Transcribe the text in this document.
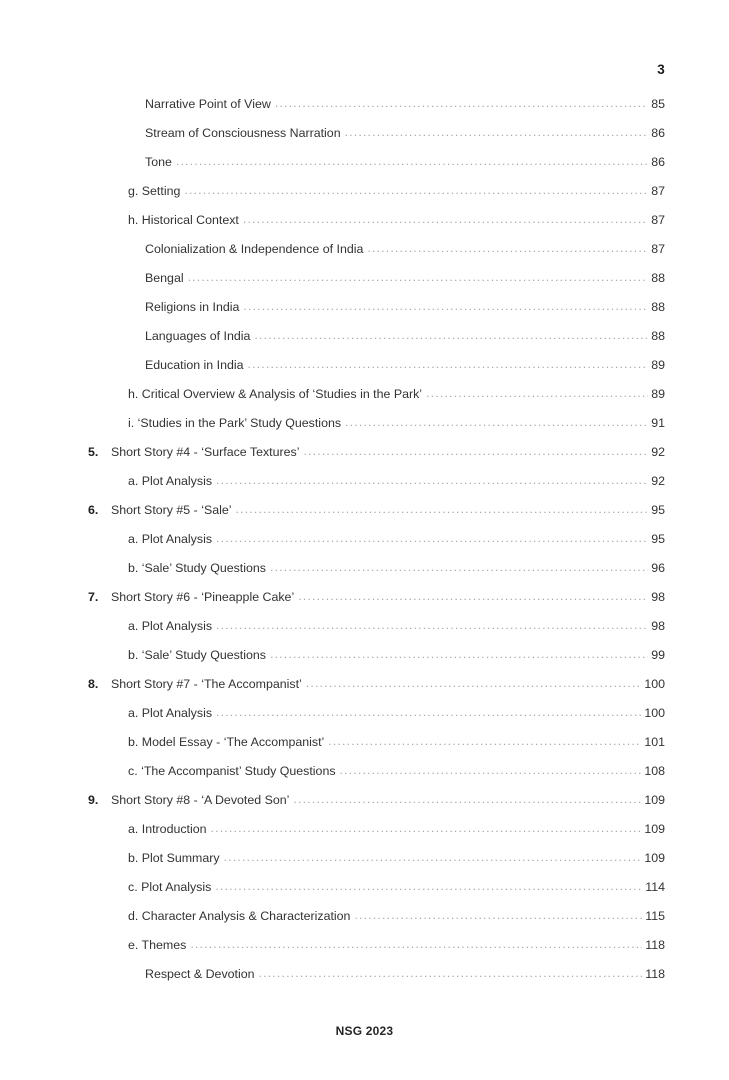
3
Narrative Point of View .....	85
Stream of Consciousness Narration .....	86
Tone .....	86
g. Setting .....	87
h. Historical Context .....	87
Colonialization & Independence of India .....	87
Bengal .....	88
Religions in India .....	88
Languages of India .....	88
Education in India .....	89
h. Critical Overview & Analysis of ‘Studies in the Park’ .....	89
i. ‘Studies in the Park’ Study Questions .....	91
5.	Short Story #4 - ‘Surface Textures’ .....	92
a. Plot Analysis .....	92
6.	Short Story #5 - ‘Sale’ .....	95
a. Plot Analysis .....	95
b. ‘Sale’ Study Questions .....	96
7.	Short Story #6 - ‘Pineapple Cake’ .....	98
a. Plot Analysis .....	98
b. ‘Sale’ Study Questions .....	99
8.	Short Story #7 - ‘The Accompanist’ .....	100
a. Plot Analysis .....	100
b. Model Essay - ‘The Accompanist’ .....	101
c. ‘The Accompanist’ Study Questions .....	108
9.	Short Story #8 - ‘A Devoted Son’ .....	109
a. Introduction .....	109
b. Plot Summary .....	109
c. Plot Analysis .....	114
d. Character Analysis & Characterization .....	115
e. Themes .....	118
Respect & Devotion .....	118
NSG 2023
